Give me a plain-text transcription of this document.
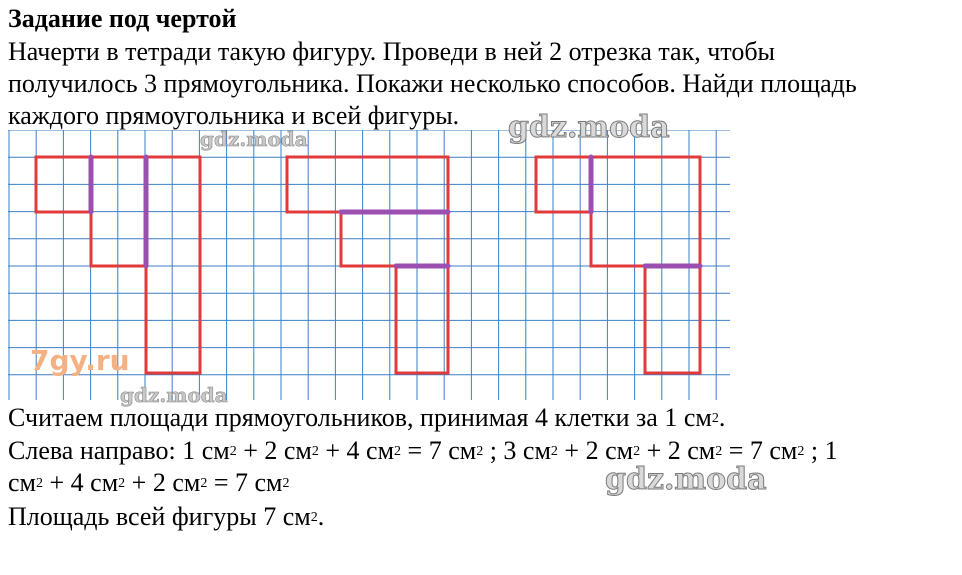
Задание под чертой
Начерти в тетради такую фигуру. Проведи в ней 2 отрезка так, чтобы
получилось 3 прямоугольника. Покажи несколько способов. Найди площадь
каждого прямоугольника и всей фигуры.
gdz.moda	gdz.moda
7gy.ru
gdz.moda
gdz.moda
Считаем площади прямоугольников, принимая 4 клетки за 1 $см^2$.
Слева направо: 1 $см^2 + 2$ $см^2 + 4$ $см^2 = 7$ $см^2$ ; 3 $см^2 + 2$ $см^2 + 2$ $см^2 = 7$ $см^2$ ; 1
$см^2 + 4$ $см^2 + 2$ $см^2 = 7$ $см^2$
Площадь всей фигуры 7 $см^2$.
